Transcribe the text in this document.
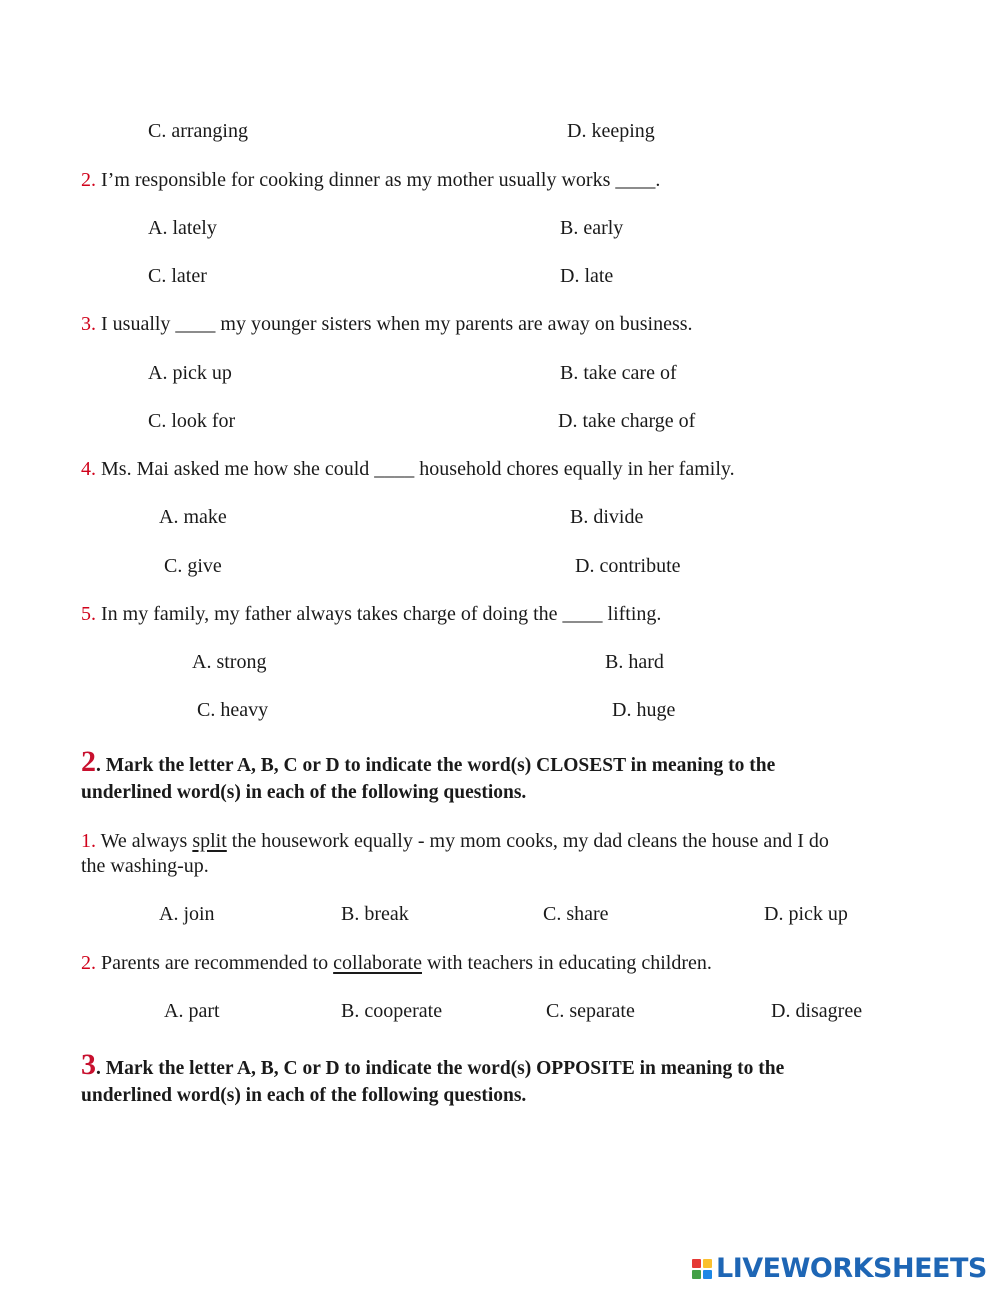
C. arranging	D. keeping
2. I’m responsible for cooking dinner as my mother usually works ____.
A. lately	B. early
C. later	D. late
3. I usually ____ my younger sisters when my parents are away on business.
A. pick up	B. take care of
C. look for	D. take charge of
4. Ms. Mai asked me how she could ____ household chores equally in her family.
A. make	B. divide
C. give	D. contribute
5. In my family, my father always takes charge of doing the ____ lifting.
A. strong	B. hard
C. heavy	D. huge
2. Mark the letter A, B, C or D to indicate the word(s) CLOSEST in meaning to the
underlined word(s) in each of the following questions.
1. We always split the housework equally - my mom cooks, my dad cleans the house and I do
the washing-up.
A. join	B. break	C. share	D. pick up
2. Parents are recommended to collaborate with teachers in educating children.
A. part	B. cooperate	C. separate	D. disagree
3. Mark the letter A, B, C or D to indicate the word(s) OPPOSITE in meaning to the
underlined word(s) in each of the following questions.
LIVEWORKSHEETS
